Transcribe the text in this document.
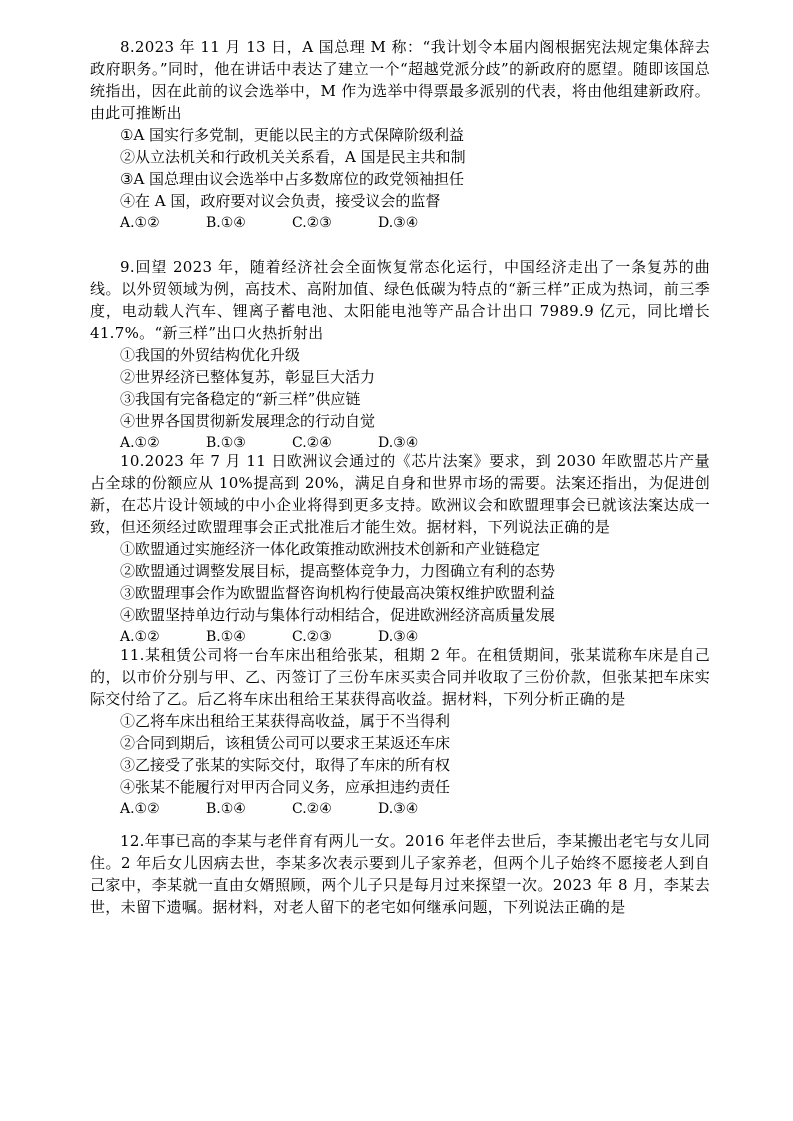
8.2023 年 11 月 13 日，A 国总理 M 称：“我计划令本届内阁根据宪法规定集体辞去政府职务。”同时，他在讲话中表达了建立一个“超越党派分歧”的新政府的愿望。随即该国总统指出，因在此前的议会选举中，M 作为选举中得票最多派别的代表，将由他组建新政府。由此可推断出

①A 国实行多党制，更能以民主的方式保障阶级利益

②从立法机关和行政机关关系看，A 国是民主共和制

③A 国总理由议会选举中占多数席位的政党领袖担任

④在 A 国，政府要对议会负责，接受议会的监督

A.①②	B.①④	C.②③	D.③④

9.回望 2023 年，随着经济社会全面恢复常态化运行，中国经济走出了一条复苏的曲线。以外贸领域为例，高技术、高附加值、绿色低碳为特点的“新三样”正成为热词，前三季度，电动载人汽车、锂离子蓄电池、太阳能电池等产品合计出口 7989.9 亿元，同比增长 41.7%。“新三样”出口火热折射出

①我国的外贸结构优化升级

②世界经济已整体复苏，彰显巨大活力

③我国有完备稳定的“新三样”供应链

④世界各国贯彻新发展理念的行动自觉

A.①②	B.①③	C.②④	D.③④

10.2023 年 7 月 11 日欧洲议会通过的《芯片法案》要求，到 2030 年欧盟芯片产量占全球的份额应从 10%提高到 20%，满足自身和世界市场的需要。法案还指出，为促进创新，在芯片设计领域的中小企业将得到更多支持。欧洲议会和欧盟理事会已就该法案达成一致，但还须经过欧盟理事会正式批准后才能生效。据材料，下列说法正确的是

①欧盟通过实施经济一体化政策推动欧洲技术创新和产业链稳定

②欧盟通过调整发展目标，提高整体竞争力，力图确立有利的态势

③欧盟理事会作为欧盟监督咨询机构行使最高决策权维护欧盟利益

④欧盟坚持单边行动与集体行动相结合，促进欧洲经济高质量发展

A.①②	B.①④	C.②③	D.③④

11.某租赁公司将一台车床出租给张某，租期 2 年。在租赁期间，张某谎称车床是自己的，以市价分别与甲、乙、丙签订了三份车床买卖合同并收取了三份价款，但张某把车床实际交付给了乙。后乙将车床出租给王某获得高收益。据材料，下列分析正确的是

①乙将车床出租给王某获得高收益，属于不当得利

②合同到期后，该租赁公司可以要求王某返还车床

③乙接受了张某的实际交付，取得了车床的所有权

④张某不能履行对甲丙合同义务，应承担违约责任

A.①②	B.①④	C.②④	D.③④

12.年事已高的李某与老伴育有两儿一女。2016 年老伴去世后，李某搬出老宅与女儿同住。2 年后女儿因病去世，李某多次表示要到儿子家养老，但两个儿子始终不愿接老人到自己家中，李某就一直由女婿照顾，两个儿子只是每月过来探望一次。2023 年 8 月，李某去世，未留下遗嘱。据材料，对老人留下的老宅如何继承问题，下列说法正确的是
